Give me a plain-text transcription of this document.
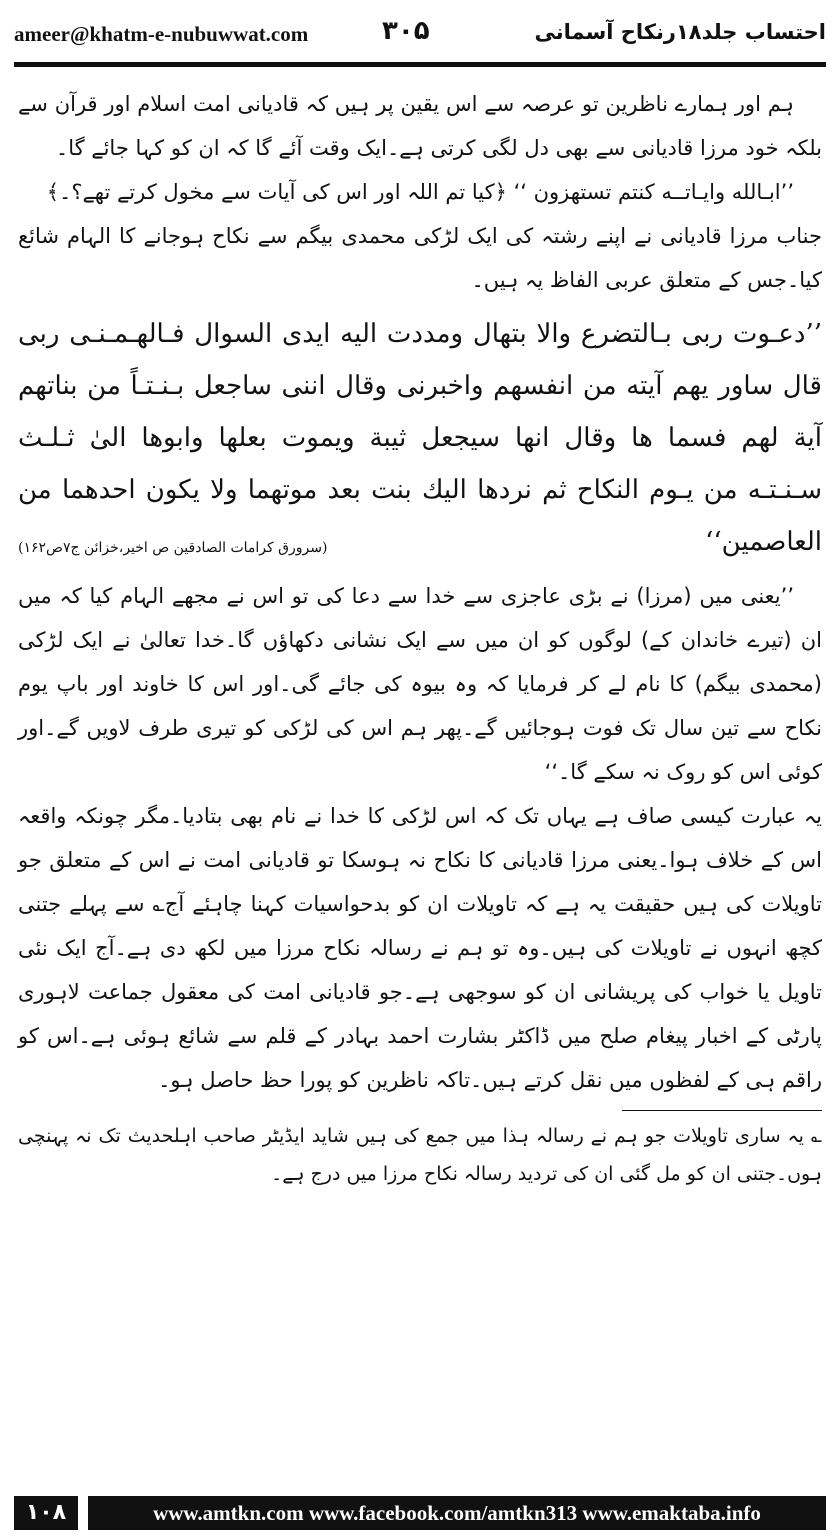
ameer@khatm-e-nubuwwat.com	۳۰۵	احتساب جلد۱۸رنکاح آسمانی

ہم اور ہمارے ناظرین تو عرصہ سے اس یقین پر ہیں کہ قادیانی امت اسلام اور قرآن سے بلکہ خود مرزا قادیانی سے بھی دل لگی کرتی ہے۔ایک وقت آئے گا کہ ان کو کہا جائے گا۔

’’ابـالله وایـاتــه کنتم تستهزون ‘‘ ﴿کیا تم اللہ اور اس کی آیات سے مخول کرتے تھے؟۔﴾

جناب مرزا قادیانی نے اپنے رشتہ کی ایک لڑکی محمدی بیگم سے نکاح ہوجانے کا الہام شائع کیا۔جس کے متعلق عربی الفاظ یہ ہیں۔

’’دعـوت ربی بـالتضرع والا بتهال ومددت الیه ایدی السوال فـالهـمـنـی ربی قال ساور یهم آیته من انفسهم واخبرنی وقال اننی ساجعل بـنـتـاً من بناتهم آیة لهم فسما ها وقال انها سیجعل ثیبة ویموت بعلها وابوها الیٰ ثـلـث سـنـتـه من یـوم النکاح ثم نردها الیك بنت بعد موتهما ولا یکون احدهما من العاصمین‘‘
(سرورق کرامات الصادقین ص اخیر،خزائن ج۷ص۱۶۲)

’’یعنی میں (مرزا) نے بڑی عاجزی سے خدا سے دعا کی تو اس نے مجھے الہام کیا کہ میں ان (تیرے خاندان کے) لوگوں کو ان میں سے ایک نشانی دکھاؤں گا۔خدا تعالیٰ نے ایک لڑکی (محمدی بیگم) کا نام لے کر فرمایا کہ وہ بیوہ کی جائے گی۔اور اس کا خاوند اور باپ یوم نکاح سے تین سال تک فوت ہوجائیں گے۔پھر ہم اس کی لڑکی کو تیری طرف لاویں گے۔اور کوئی اس کو روک نہ سکے گا۔‘‘

یہ عبارت کیسی صاف ہے یہاں تک کہ اس لڑکی کا خدا نے نام بھی بتادیا۔مگر چونکہ واقعہ اس کے خلاف ہوا۔یعنی مرزا قادیانی کا نکاح نہ ہوسکا تو قادیانی امت نے اس کے متعلق جو تاویلات کی ہیں حقیقت یہ ہے کہ تاویلات ان کو بدحواسیات کہنا چاہئے آج؎ سے پہلے جتنی کچھ انہوں نے تاویلات کی ہیں۔وہ تو ہم نے رسالہ نکاح مرزا میں لکھ دی ہے۔آج ایک نئی تاویل یا خواب کی پریشانی ان کو سوجھی ہے۔جو قادیانی امت کی معقول جماعت لاہوری پارٹی کے اخبار پیغام صلح میں ڈاکٹر بشارت احمد بہادر کے قلم سے شائع ہوئی ہے۔اس کو راقم ہی کے لفظوں میں نقل کرتے ہیں۔تاکہ ناظرین کو پورا حظ حاصل ہو۔

؎ یہ ساری تاویلات جو ہم نے رسالہ ہذا میں جمع کی ہیں شاید ایڈیٹر صاحب اہلحدیث تک نہ پہنچی ہوں۔جتنی ان کو مل گئی ان کی تردید رسالہ نکاح مرزا میں درج ہے۔

۱۰۸	www.amtkn.com www.facebook.com/amtkn313 www.emaktaba.info
